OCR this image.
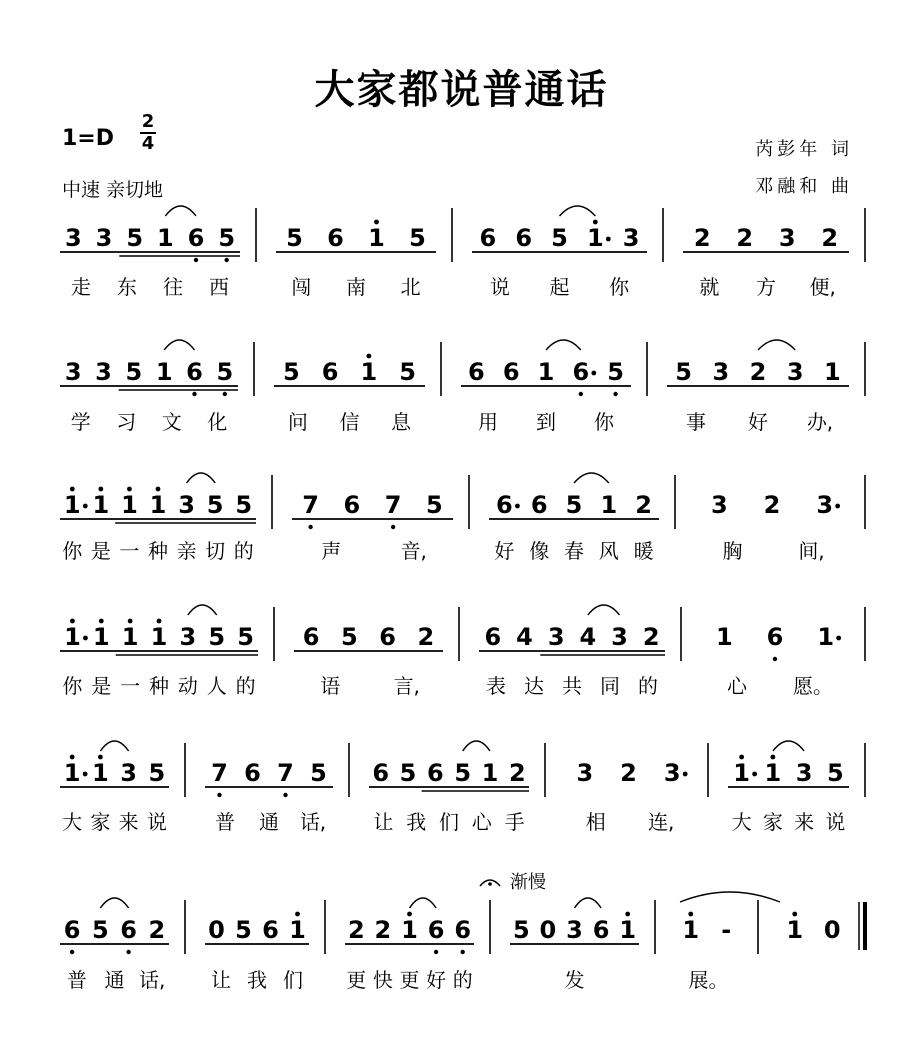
大家都说普通话
1=D
2
4
中速 亲切地
芮彭年 词
邓融和 曲
3 3 5 1 6 5
走 东 往 西
5 6 1 5
闯 南 北
6 6 5 1 3
说 起 你
2 2 3 2
就 方 便,
3 3 5 1 6 5
学 习 文 化
5 6 1 5
问 信 息
6 6 1 6 5
用 到 你
5 3 2 3 1
事 好 办,
1 1 1 1 3 5 5
你 是 一 种 亲 切 的
7 6 7 5
声	音,
6 6 5 1 2
好 像 春 风 暖
3 2 3
胸	间,
1 1 1 1 3 5 5
你 是 一 种 动 人 的
6 5 6 2
语	言,
6 4 3 4 3 2
表 达 共 同 的
1 6 1
心 愿。
1 1 3 5
大 家 来 说
7 6 7 5
普 通 话,
6 5 6 5 1 2
让 我 们 心 手
3 2 3
相 连,
1 1 3 5
大 家 来 说
6 5 6 2
普 通 话,
0 5 6 1
让 我 们
2 2 1 6 6
更 快 更 好 的
5 0 3 6 1
发
1 -
展。
1 0
渐慢
